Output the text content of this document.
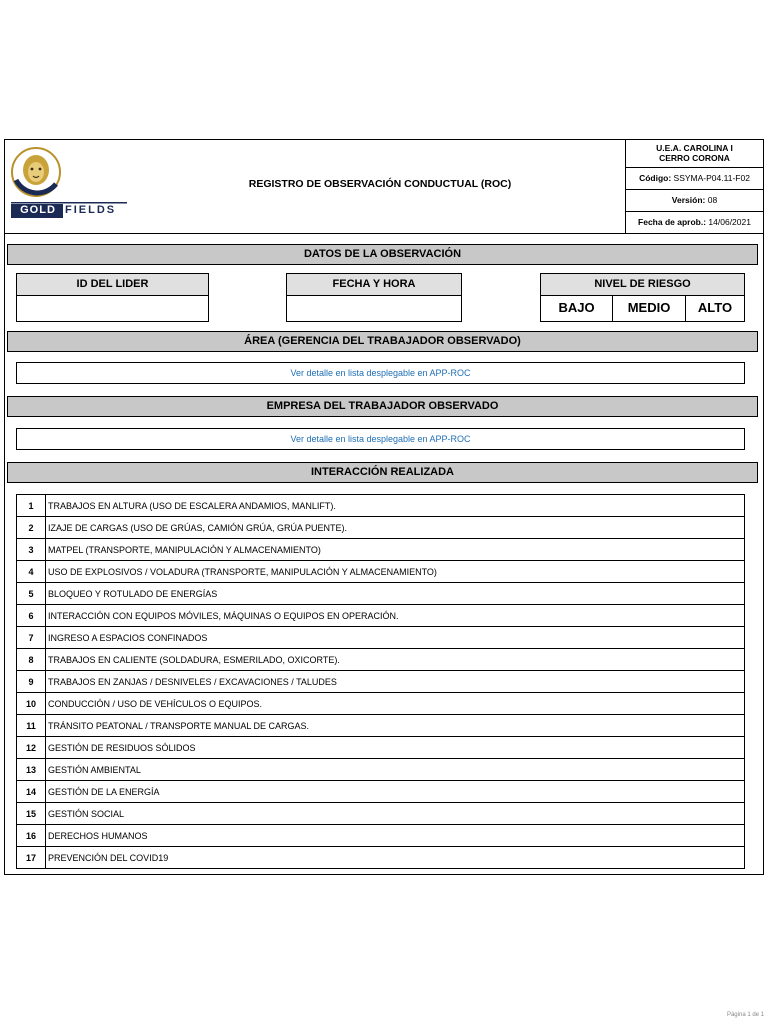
GOLD FIELDS
REGISTRO DE OBSERVACIÓN CONDUCTUAL (ROC)
U.E.A. CAROLINA I
CERRO CORONA
Código: SSYMA-P04.11-F02
Versión: 08
Fecha de aprob.: 14/06/2021
DATOS DE LA OBSERVACIÓN
ID DEL LIDER	FECHA Y HORA	NIVEL DE RIESGO
BAJO	MEDIO	ALTO
ÁREA (GERENCIA DEL TRABAJADOR OBSERVADO)
Ver detalle en lista desplegable en APP-ROC
EMPRESA DEL TRABAJADOR OBSERVADO
Ver detalle en lista desplegable en APP-ROC
INTERACCIÓN REALIZADA
1	TRABAJOS EN ALTURA (USO DE ESCALERA ANDAMIOS, MANLIFT).
2	IZAJE DE CARGAS (USO DE GRÚAS, CAMIÓN GRÚA, GRÚA PUENTE).
3	MATPEL (TRANSPORTE, MANIPULACIÓN Y ALMACENAMIENTO)
4	USO DE EXPLOSIVOS / VOLADURA (TRANSPORTE, MANIPULACIÓN Y ALMACENAMIENTO)
5	BLOQUEO Y ROTULADO DE ENERGÍAS
6	INTERACCIÓN CON EQUIPOS MÓVILES, MÁQUINAS O EQUIPOS EN OPERACIÓN.
7	INGRESO A ESPACIOS CONFINADOS
8	TRABAJOS EN CALIENTE (SOLDADURA, ESMERILADO, OXICORTE).
9	TRABAJOS EN ZANJAS / DESNIVELES / EXCAVACIONES / TALUDES
10	CONDUCCIÓN / USO DE VEHÍCULOS O EQUIPOS.
11	TRÁNSITO PEATONAL / TRANSPORTE MANUAL DE CARGAS.
12	GESTIÓN DE RESIDUOS SÓLIDOS
13	GESTIÓN AMBIENTAL
14	GESTIÓN DE LA ENERGÍA
15	GESTIÓN SOCIAL
16	DERECHOS HUMANOS
17	PREVENCIÓN DEL COVID19
Página 1 de 1
